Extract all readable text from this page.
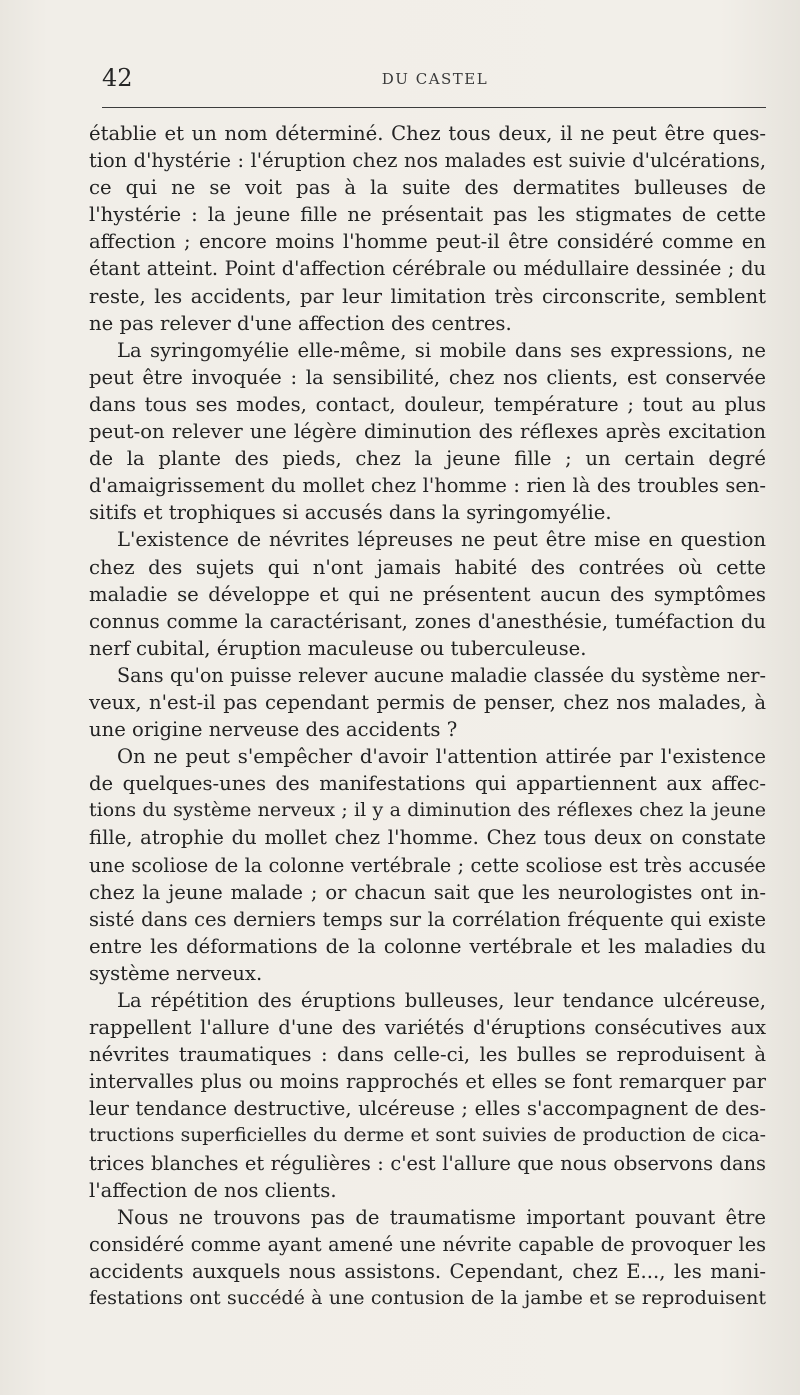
42	DU CASTEL
établie et un nom déterminé. Chez tous deux, il ne peut être ques-
tion d'hystérie : l'éruption chez nos malades est suivie d'ulcérations,
ce qui ne se voit pas à la suite des dermatites bulleuses de
l'hystérie : la jeune fille ne présentait pas les stigmates de cette
affection ; encore moins l'homme peut-il être considéré comme en
étant atteint. Point d'affection cérébrale ou médullaire dessinée ; du
reste, les accidents, par leur limitation très circonscrite, semblent
ne pas relever d'une affection des centres.
La syringomyélie elle-même, si mobile dans ses expressions, ne
peut être invoquée : la sensibilité, chez nos clients, est conservée
dans tous ses modes, contact, douleur, température ; tout au plus
peut-on relever une légère diminution des réflexes après excitation
de la plante des pieds, chez la jeune fille ; un certain degré
d'amaigrissement du mollet chez l'homme : rien là des troubles sen-
sitifs et trophiques si accusés dans la syringomyélie.
L'existence de névrites lépreuses ne peut être mise en question
chez des sujets qui n'ont jamais habité des contrées où cette
maladie se développe et qui ne présentent aucun des symptômes
connus comme la caractérisant, zones d'anesthésie, tuméfaction du
nerf cubital, éruption maculeuse ou tuberculeuse.
Sans qu'on puisse relever aucune maladie classée du système ner-
veux, n'est-il pas cependant permis de penser, chez nos malades, à
une origine nerveuse des accidents ?
On ne peut s'empêcher d'avoir l'attention attirée par l'existence
de quelques-unes des manifestations qui appartiennent aux affec-
tions du système nerveux ; il y a diminution des réflexes chez la jeune
fille, atrophie du mollet chez l'homme. Chez tous deux on constate
une scoliose de la colonne vertébrale ; cette scoliose est très accusée
chez la jeune malade ; or chacun sait que les neurologistes ont in-
sisté dans ces derniers temps sur la corrélation fréquente qui existe
entre les déformations de la colonne vertébrale et les maladies du
système nerveux.
La répétition des éruptions bulleuses, leur tendance ulcéreuse,
rappellent l'allure d'une des variétés d'éruptions consécutives aux
névrites traumatiques : dans celle-ci, les bulles se reproduisent à
intervalles plus ou moins rapprochés et elles se font remarquer par
leur tendance destructive, ulcéreuse ; elles s'accompagnent de des-
tructions superficielles du derme et sont suivies de production de cica-
trices blanches et régulières : c'est l'allure que nous observons dans
l'affection de nos clients.
Nous ne trouvons pas de traumatisme important pouvant être
considéré comme ayant amené une névrite capable de provoquer les
accidents auxquels nous assistons. Cependant, chez E..., les mani-
festations ont succédé à une contusion de la jambe et se reproduisent
